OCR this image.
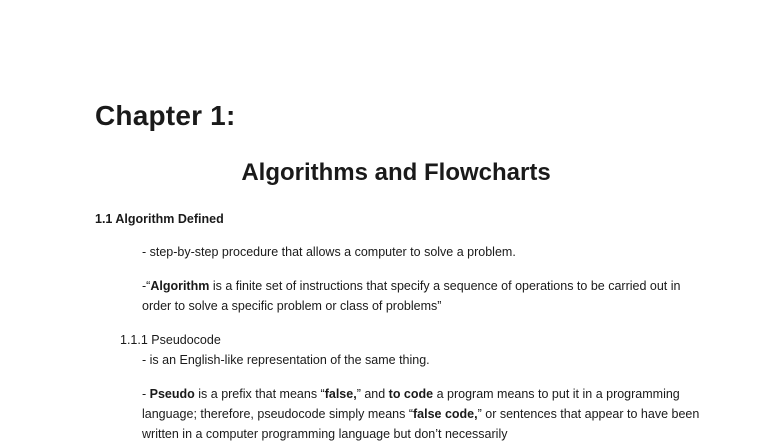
Chapter 1:
Algorithms and Flowcharts
1.1 Algorithm Defined
- step-by-step procedure that allows a computer to solve a problem.
-“Algorithm is a finite set of instructions that specify a sequence of operations to be carried out in order to solve a specific problem or class of problems”
1.1.1 Pseudocode
- is an English-like representation of the same thing.
- Pseudo is a prefix that means “false,” and to code a program means to put it in a programming language; therefore, pseudocode simply means “false code,” or sentences that appear to have been written in a computer programming language but don’t necessarily
